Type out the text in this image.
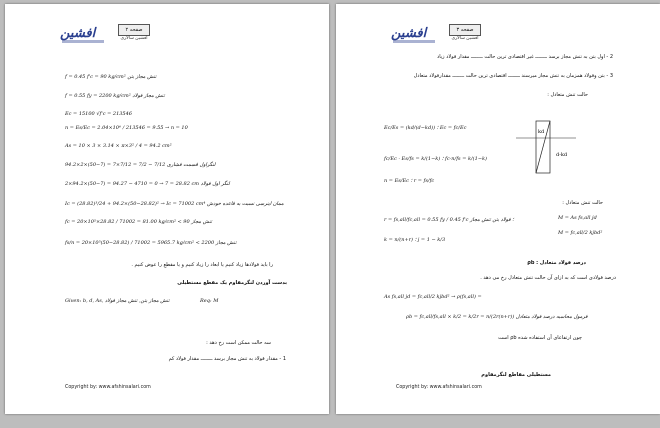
افشین	صفحه ۲
افشین سالاری
f = 0.45 f'c = 90 kg/cm² تنش مجاز بتن
f = 0.55 fy = 2200 kg/cm² تنش مجاز فولاد
Ec = 15100 √f'c = 213546
n = Es/Ec = 2.04×10⁶ / 213546 = 9.55 → n = 10
As = 10 × 3 × 3.14 × π×3² / 4 = 94.2 cm²
94.2×2×(50−7) = 7×7/12 = 7/2 − 7/12 لنگراول قسمت فشاری
2×94.2×(50−7) = 94.27 − 4710 = 0 → 7 = 28.82 cm لنگر اول فولاد
Ic = (28.82)³/24 + 94.2×(50−28.82)² → Ic = 71002 cm⁴ ممان اینرسی نسبت به قاعده خودش
fc = 20×10⁵×28.82 / 71002 = 81.00 kg/cm² < 90 تنش مجاز
fs/n = 20×10⁵(50−28.82) / 71002 = 5965.7 kg/cm² < 2200 تنش مجاز
را باید فولادها زیاد کنیم یا ابعاد را زیاد کنیم و یا مقطع را عوض کنیم .
بدست آوردن لنگرمقاوم یک مقطع مستطیلی
Given: b, d, As, تنش مجاز بتن, تنش مجاز فولاد	Req: M
سه حالت ممکن است رخ دهد :
1 - مقدار فولاد به تنش مجاز برسد ــــــــ مقدار فولاد کم
Copyright by: www.afshinsalari.com
افشین	صفحه ۳
افشین سالاری
2 - اول بتن به تنش مجاز برسد ــــــــ غیر اقتصادی ترین حالت ــــــــ مقدار فولاد زیاد
3 - بتن وفولاد همزمان به تنش مجاز میرسند ــــــــ اقتصادی ترین حالت ــــــــ مقدارفولاد متعادل
حالت تنش متعادل :
Ec/Es = (kd/(d−kd)) ؛ Ec = fc/Ec
fc/Ec · Es/fs = k/(1−k) ؛ fc·n/fs = k/(1−k)
n = Es/Ec ؛ r = fs/fc
kd
d-kd
حالت تنش متعادل :
r = fs,all/fc,all = 0.55 fy / 0.45 f'c ؛ فولاد بتن تنش مجاز
k = n/(n+r) ؛ j = 1 − k/3
M = As fs,all jd
M = fc,all/2 kjbd²
درصد فولاد متعادل : ρb
درصد فولادی است که به ازای آن حالت تنش متعادل رخ می دهد .
As fs,all jd = fc,all/2 kjbd² → ρ(fs,all) =
ρb = fc,all/fs,all × k/2 = k/2r = n/(2r(n+r)) فرمول محاسبه درصد فولاد متعادل
چون ارتفاعای آن استفاده شده ρb است
مستطیلی مقاطع لنگرمقاوم
Copyright by: www.afshinsalari.com
